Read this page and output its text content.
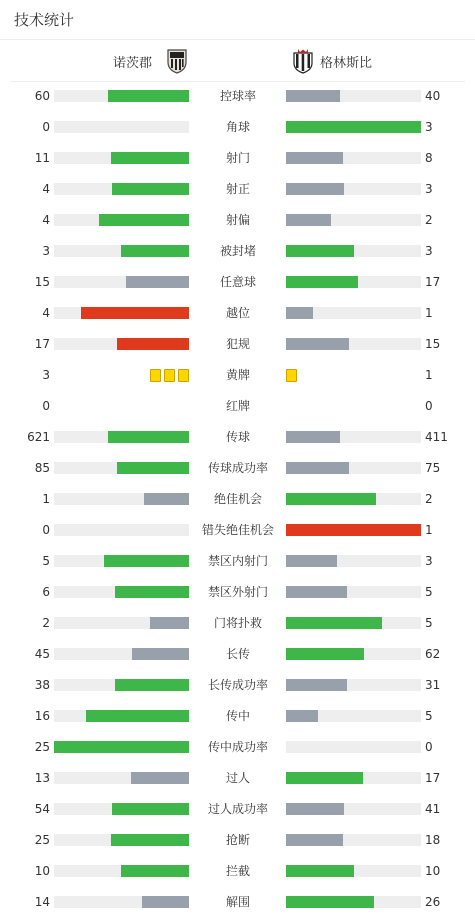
技术统计
诺茨郡	格林斯比
60	控球率	40
0	角球	3
11	射门	8
4	射正	3
4	射偏	2
3	被封堵	3
15	任意球	17
4	越位	1
17	犯规	15
3	黄牌	1
0	红牌	0
621	传球	411
85	传球成功率	75
1	绝佳机会	2
0	错失绝佳机会	1
5	禁区内射门	3
6	禁区外射门	5
2	门将扑救	5
45	长传	62
38	长传成功率	31
16	传中	5
25	传中成功率	0
13	过人	17
54	过人成功率	41
25	抢断	18
10	拦截	10
14	解围	26
